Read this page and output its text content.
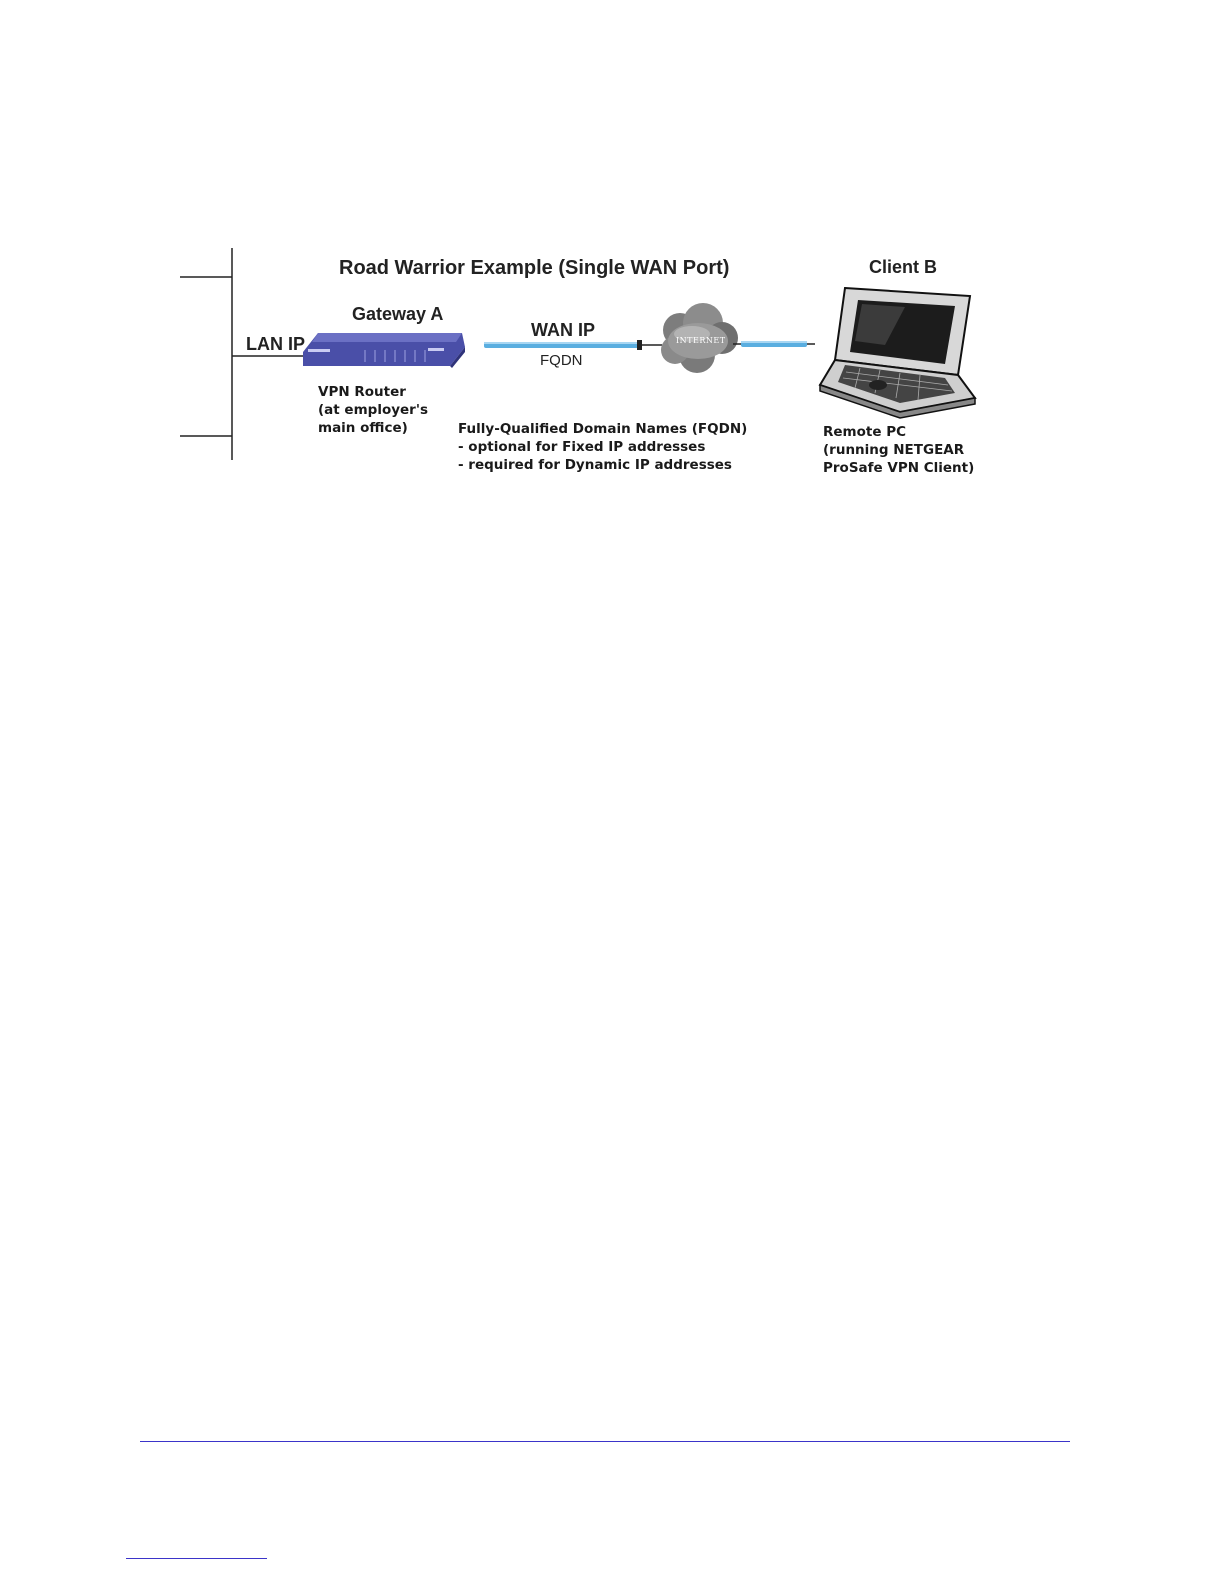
Road Warrior Example (Single WAN Port)	Client B
Gateway A
LAN IP
WAN IP
FQDN
INTERNET
VPN Router
(at employer's
main office)	Fully-Qualified Domain Names (FQDN)
- optional for Fixed IP addresses
- required for Dynamic IP addresses
Remote PC
(running NETGEAR
ProSafe VPN Client)
